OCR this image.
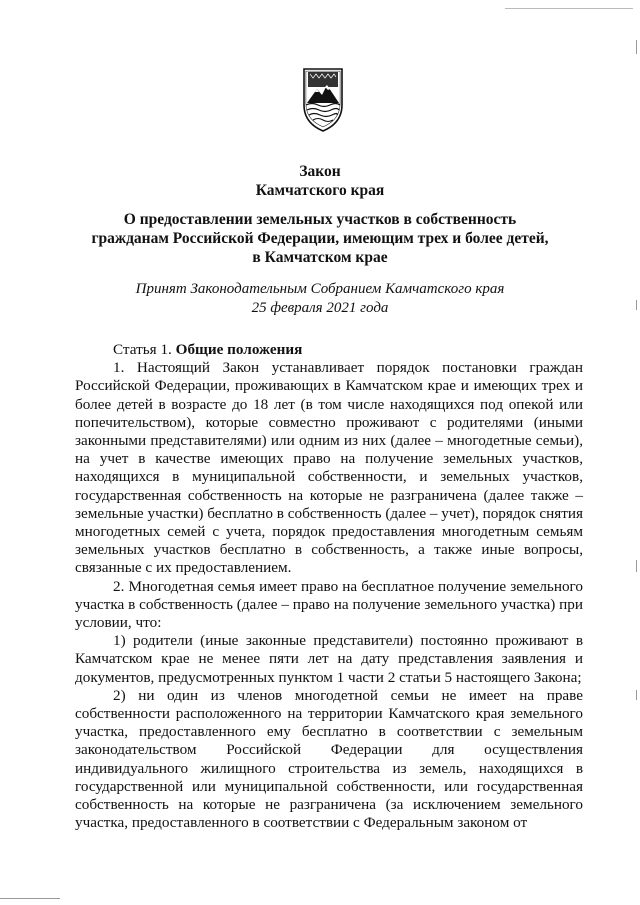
Закон
Камчатского края
О предоставлении земельных участков в собственность
гражданам Российской Федерации, имеющим трех и более детей,
в Камчатском крае
Принят Законодательным Собранием Камчатского края
25 февраля 2021 года

Статья 1. Общие положения

1. Настоящий Закон устанавливает порядок постановки граждан Российской Федерации, проживающих в Камчатском крае и имеющих трех и более детей в возрасте до 18 лет (в том числе находящихся под опекой или попечительством), которые совместно проживают с родителями (иными законными представителями) или одним из них (далее – многодетные семьи), на учет в качестве имеющих право на получение земельных участков, находящихся в муниципальной собственности, и земельных участков, государственная собственность на которые не разграничена (далее также – земельные участки) бесплатно в собственность (далее – учет), порядок снятия многодетных семей с учета, порядок предоставления многодетным семьям земельных участков бесплатно в собственность, а также иные вопросы, связанные с их предоставлением.

2. Многодетная семья имеет право на бесплатное получение земельного участка в собственность (далее – право на получение земельного участка) при условии, что:

1) родители (иные законные представители) постоянно проживают в Камчатском крае не менее пяти лет на дату представления заявления и документов, предусмотренных пунктом 1 части 2 статьи 5 настоящего Закона;

2) ни один из членов многодетной семьи не имеет на праве собственности расположенного на территории Камчатского края земельного участка, предоставленного ему бесплатно в соответствии с земельным законодательством Российской Федерации для осуществления индивидуального жилищного строительства из земель, находящихся в государственной или муниципальной собственности, или государственная собственность на которые не разграничена (за исключением земельного участка, предоставленного в соответствии с Федеральным законом от
